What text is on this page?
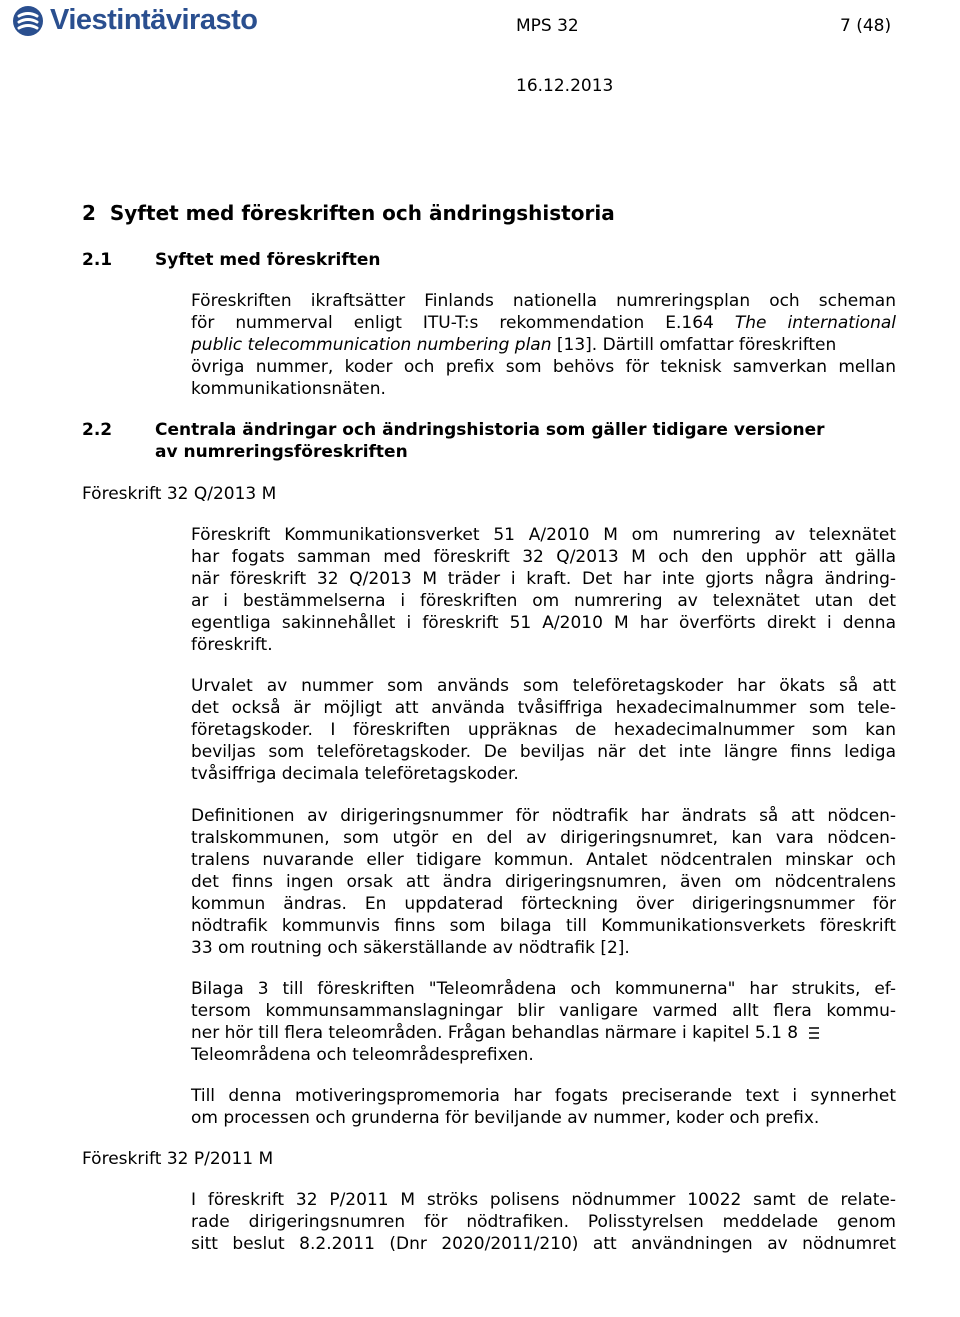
Viestintävirasto	MPS 32	7 (48)
16.12.2013
2 Syftet med föreskriften och ändringshistoria
2.1	Syftet med föreskriften
Föreskriften ikraftsätter Finlands nationella numreringsplan och scheman
för nummerval enligt ITU-T:s rekommendation E.164 The international
public telecommunication numbering plan [13]. Därtill omfattar föreskriften
övriga nummer, koder och prefix som behövs för teknisk samverkan mellan
kommunikationsnäten.
2.2	Centrala ändringar och ändringshistoria som gäller tidigare versioner
av numreringsföreskriften
Föreskrift 32 Q/2013 M
Föreskrift Kommunikationsverket 51 A/2010 M om numrering av telexnätet
har fogats samman med föreskrift 32 Q/2013 M och den upphör att gälla
när föreskrift 32 Q/2013 M träder i kraft. Det har inte gjorts några ändring-
ar i bestämmelserna i föreskriften om numrering av telexnätet utan det
egentliga sakinnehållet i föreskrift 51 A/2010 M har överförts direkt i denna
föreskrift.
Urvalet av nummer som används som teleföretagskoder har ökats så att
det också är möjligt att använda tvåsiffriga hexadecimalnummer som tele-
företagskoder. I föreskriften uppräknas de hexadecimalnummer som kan
beviljas som teleföretagskoder. De beviljas när det inte längre finns lediga
tvåsiffriga decimala teleföretagskoder.
Definitionen av dirigeringsnummer för nödtrafik har ändrats så att nödcen-
tralskommunen, som utgör en del av dirigeringsnumret, kan vara nödcen-
tralens nuvarande eller tidigare kommun. Antalet nödcentralen minskar och
det finns ingen orsak att ändra dirigeringsnumren, även om nödcentralens
kommun ändras. En uppdaterad förteckning över dirigeringsnummer för
nödtrafik kommunvis finns som bilaga till Kommunikationsverkets föreskrift
33 om routning och säkerställande av nödtrafik [2].
Bilaga 3 till föreskriften "Teleområdena och kommunerna" har strukits, ef-
tersom kommunsammanslagningar blir vanligare varmed allt flera kommu-
ner hör till flera teleområden. Frågan behandlas närmare i kapitel 5.1 8
Teleområdena och teleområdesprefixen.
Till denna motiveringspromemoria har fogats preciserande text i synnerhet
om processen och grunderna för beviljande av nummer, koder och prefix.
Föreskrift 32 P/2011 M
I föreskrift 32 P/2011 M ströks polisens nödnummer 10022 samt de relate-
rade dirigeringsnumren för nödtrafiken. Polisstyrelsen meddelade genom
sitt beslut 8.2.2011 (Dnr 2020/2011/210) att användningen av nödnumret
